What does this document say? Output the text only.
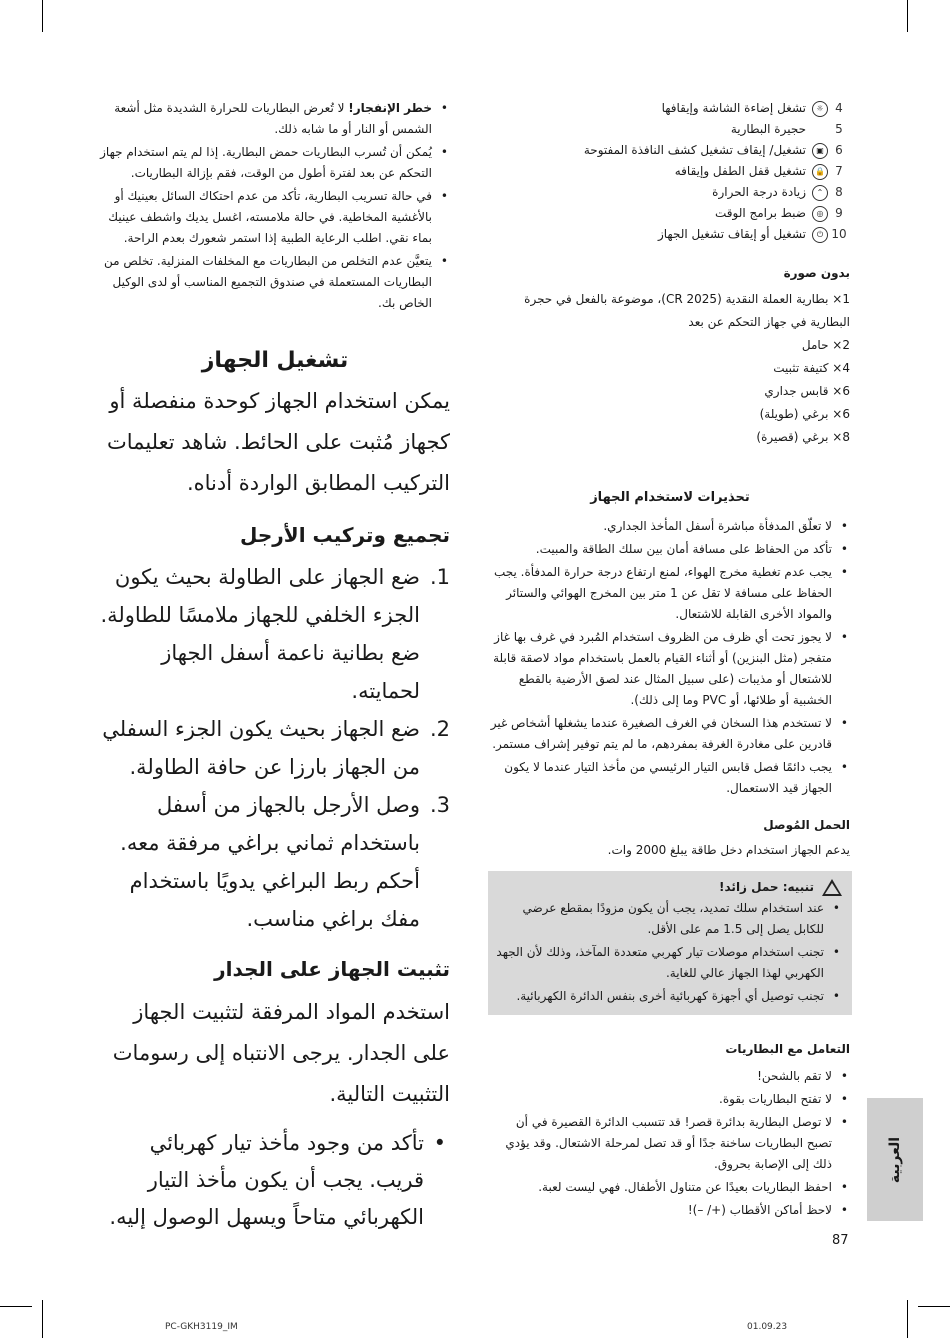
4
☼
تشغل إضاءة الشاشة وإيقافها
5
حجيرة البطارية
6
▣
تشغيل/ إيقاف تشغيل كشف النافذة المفتوحة
7
🔒
تشغيل قفل الطفل وإيقافه
8
⌃
زيادة درجة الحرارة
9
◎
ضبط برامج الوقت
10
⏻
تشغيل أو إيقاف تشغيل الجهاز
بدون صورة
1× بطارية العملة النقدية (CR 2025)، موضوعة بالفعل في حجرة البطارية في جهاز التحكم عن بعد
2× حامل
4× كتيفة تثبيت
6× قابس جداري
6× برغي (طويلة)
8× برغي (قصيرة)
تحذيرات لاستخدام الجهاز
• لا تعلّق المدفأة مباشرة أسفل المأخذ الجداري.
• تأكد من الحفاظ على مسافة أمان بين سلك الطاقة والمبيت.
• يجب عدم تغطية مخرج الهواء، لمنع ارتفاع درجة حرارة المدفأة. يجب الحفاظ على مسافة لا تقل عن 1 متر بين المخرج الهوائي والستائر والمواد الأخرى القابلة للاشتعال.
• لا يجوز تحت أي ظرف من الظروف استخدام المُبرد في غرف بها غاز متفجر (مثل البنزين) أو أثناء القيام بالعمل باستخدام مواد لاصقة قابلة للاشتعال أو مذيبات (على سبيل المثال عند لصق الأرضية بالقطع الخشبية أو طلائها، أو PVC وما إلى ذلك).
• لا تستخدم هذا السخان في الغرف الصغيرة عندما يشغلها أشخاص غير قادرين على مغادرة الغرفة بمفردهم، ما لم يتم توفير إشراف مستمر.
• يجب دائمًا فصل قابس التيار الرئيسي من مأخذ التيار عندما لا يكون الجهاز قيد الاستعمال.
الحمل المُوصل
يدعم الجهاز استخدام دخل طاقة يبلغ 2000 وات.
تنبيه: حمل زائد!
• عند استخدام سلك تمديد، يجب أن يكون مزودًا بمقطع عرضي للكابل يصل إلى 1.5 مم على الأقل.
• تجنب استخدام موصلات تيار كهربي متعددة المآخذ، وذلك لأن الجهد الكهربي لهذا الجهاز عالي للغاية.
• تجنب توصيل أي أجهزة كهربائية أخرى بنفس الدائرة الكهربائية.
التعامل مع البطاريات
• لا تقم بالشحن!
• لا تفتح البطاريات بقوة.
• لا توصل البطارية بدائرة قصر! قد تتسبب الدائرة القصيرة في أن تصبح البطاريات ساخنة جدًا أو قد تصل لمرحلة الاشتعال. وقد يؤدي ذلك إلى الإصابة بحروق.
• احفظ البطاريات بعيدًا عن متناول الأطفال. فهي ليست لعبة.
• لاحظ أماكن الأقطاب (+/ –)!
• خطر الإنفجار! لا تُعرض البطاريات للحرارة الشديدة مثل أشعة الشمس أو النار أو ما شابه ذلك.
• يُمكن أن تُسرب البطاريات حمض البطارية. إذا لم يتم استخدام جهاز التحكم عن بعد لفترة أطول من الوقت، فقم بإزالة البطاريات.
• في حالة تسريب البطارية، تأكد من عدم احتكاك السائل بعينيك أو بالأغشية المخاطية. في حالة ملامسته، اغسل يديك واشطف عينيك بماء نقي. اطلب الرعاية الطبية إذا استمر شعورك بعدم الراحة.
• يتعيَّن عدم التخلص من البطاريات مع المخلفات المنزلية. تخلص من البطاريات المستعملة في صندوق التجميع المناسب أو لدى الوكيل الخاص بك.
تشغيل الجهاز
يمكن استخدام الجهاز كوحدة منفصلة أو كجهاز مُثبت على الحائط. شاهد تعليمات التركيب المطابق الواردة أدناه.
تجميع وتركيب الأرجل
1.
ضع الجهاز على الطاولة بحيث يكون الجزء الخلفي للجهاز ملامسًا للطاولة. ضع بطانية ناعمة أسفل الجهاز لحمايته.
2.
ضع الجهاز بحيث يكون الجزء السفلي من الجهاز بارزا عن حافة الطاولة.
3.
وصل الأرجل بالجهاز من أسفل باستخدام ثماني براغي مرفقة معه. أحكم ربط البراغي يدويًا باستخدام مفك براغي مناسب.
تثبيت الجهاز على الجدار
استخدم المواد المرفقة لتثبيت الجهاز على الجدار. يرجى الانتباه إلى رسومات التثبيت التالية.
• تأكد من وجود مأخذ تيار كهربائي قريب. يجب أن يكون مأخذ التيار الكهربائي متاحاً ويسهل الوصول إليه.
العربية
87
PC-GKH3119_IM	01.09.23
